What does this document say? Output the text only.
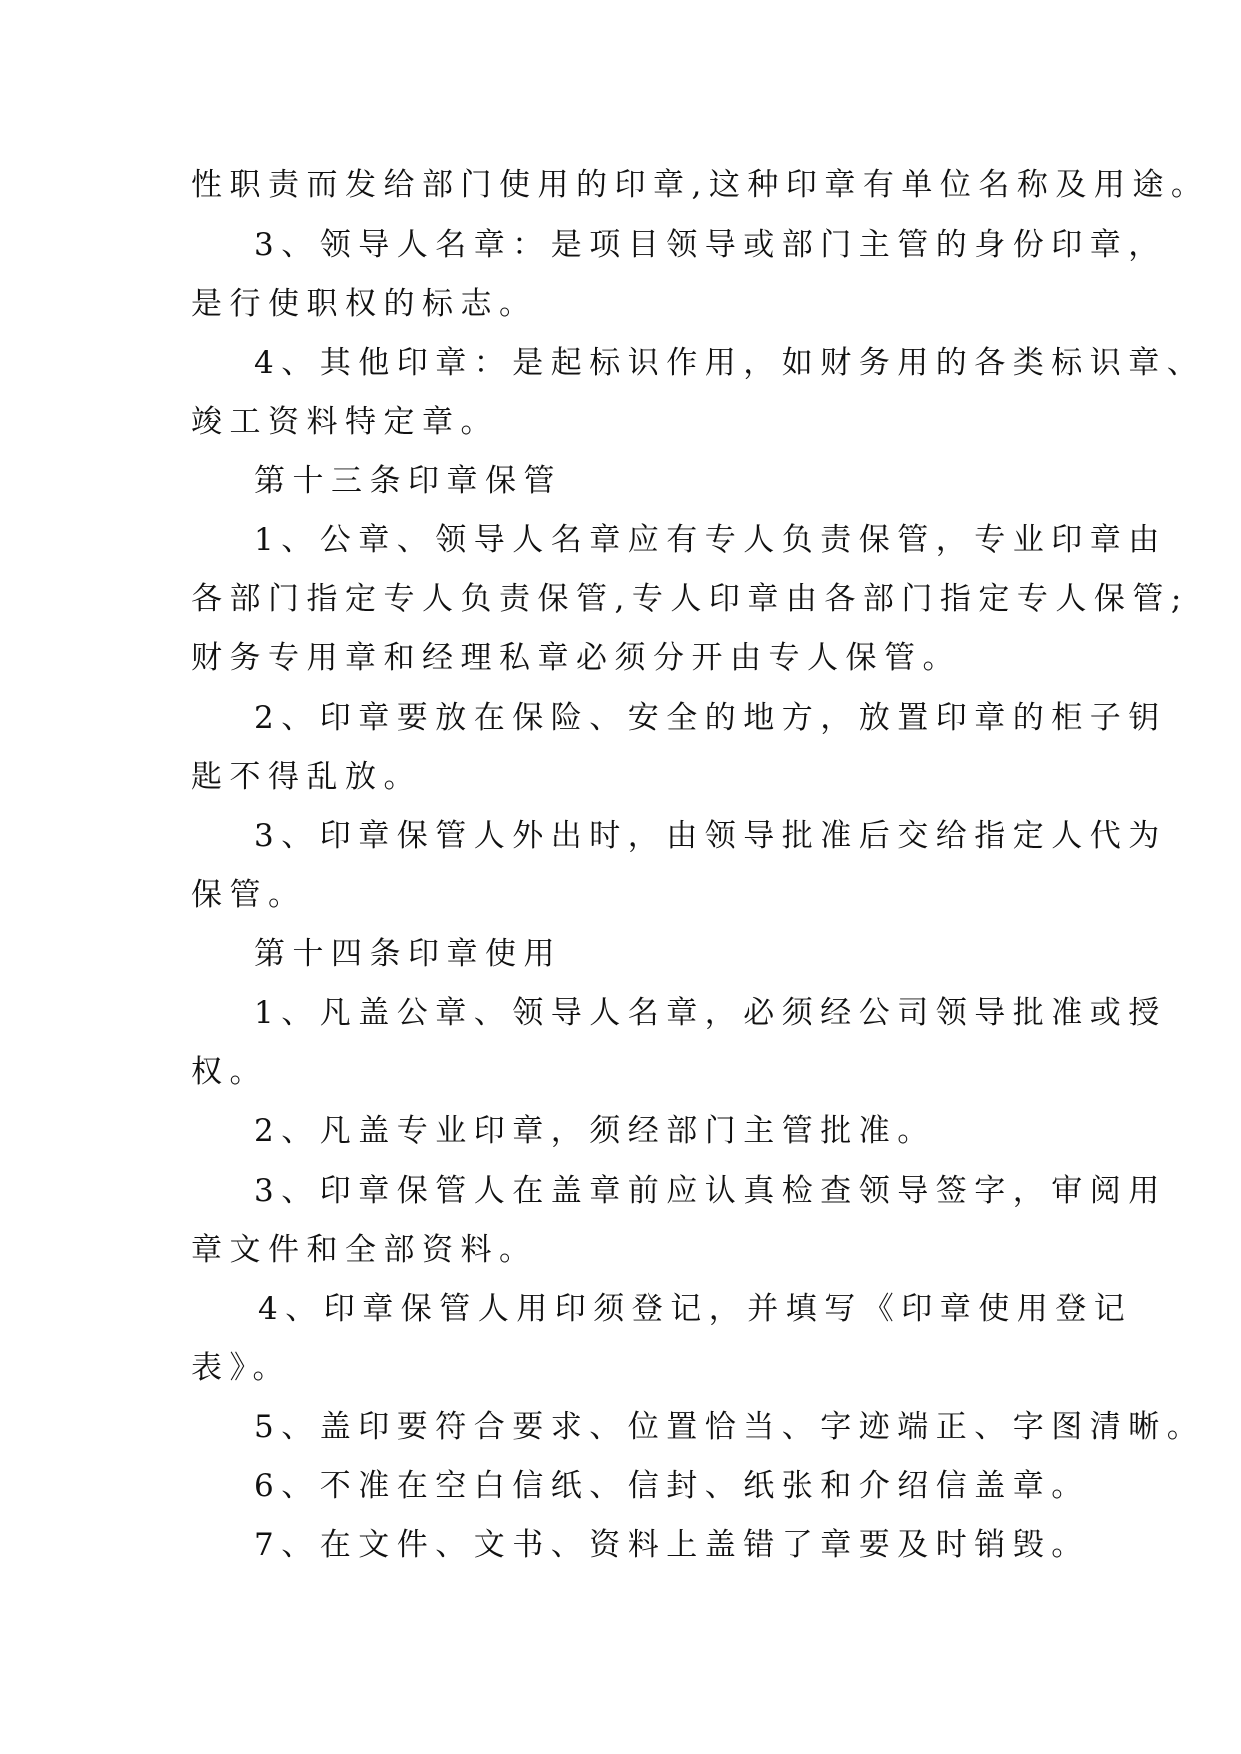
性职责而发给部门使用的印章,这种印章有单位名称及用途。
3、领导人名章：是项目领导或部门主管的身份印章，
是行使职权的标志。
4、其他印章：是起标识作用，如财务用的各类标识章、
竣工资料特定章。
第十三条印章保管
1、公章、领导人名章应有专人负责保管，专业印章由
各部门指定专人负责保管,专人印章由各部门指定专人保管;
财务专用章和经理私章必须分开由专人保管。
2、印章要放在保险、安全的地方，放置印章的柜子钥
匙不得乱放。
3、印章保管人外出时，由领导批准后交给指定人代为
保管。
第十四条印章使用
1、凡盖公章、领导人名章，必须经公司领导批准或授
权。
2、凡盖专业印章，须经部门主管批准。
3、印章保管人在盖章前应认真检查领导签字，审阅用
章文件和全部资料。
4、印章保管人用印须登记，并填写《印章使用登记
表》。
5、盖印要符合要求、位置恰当、字迹端正、字图清晰。
6、不准在空白信纸、信封、纸张和介绍信盖章。
7、在文件、文书、资料上盖错了章要及时销毁。
